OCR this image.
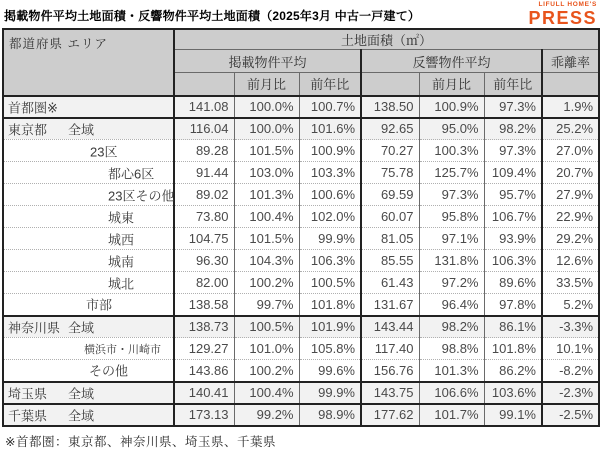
掲載物件平均土地面積・反響物件平均土地面積（2025年3月 中古一戸建て）
LIFULL HOME'S
PRESS
都道府県 エリア	土地面積（㎡）						
	掲載物件平均			反響物件平均			乖離率
		前月比	前年比		前月比	前年比	

首都圏※	141.08	100.0%	100.7%	138.50	100.9%	97.3%	1.9%

東京都 全域	116.04	100.0%	101.6%	92.65	95.0%	98.2%	25.2%

23区	89.28	101.5%	100.9%	70.27	100.3%	97.3%	27.0%

都心6区	91.44	103.0%	103.3%	75.78	125.7%	109.4%	20.7%

23区その他	89.02	101.3%	100.6%	69.59	97.3%	95.7%	27.9%

城東	73.80	100.4%	102.0%	60.07	95.8%	106.7%	22.9%

城西	104.75	101.5%	99.9%	81.05	97.1%	93.9%	29.2%

城南	96.30	104.3%	106.3%	85.55	131.8%	106.3%	12.6%

城北	82.00	100.2%	100.5%	61.43	97.2%	89.6%	33.5%

市部	138.58	99.7%	101.8%	131.67	96.4%	97.8%	5.2%

神奈川県 全域	138.73	100.5%	101.9%	143.44	98.2%	86.1%	-3.3%

横浜市・川崎市	129.27	101.0%	105.8%	117.40	98.8%	101.8%	10.1%

その他	143.86	100.2%	99.6%	156.76	101.3%	86.2%	-8.2%

埼玉県 全域	140.41	100.4%	99.9%	143.75	106.6%	103.6%	-2.3%

千葉県 全域	173.13	99.2%	98.9%	177.62	101.7%	99.1%	-2.5%
※首都圏：東京都、神奈川県、埼玉県、千葉県
